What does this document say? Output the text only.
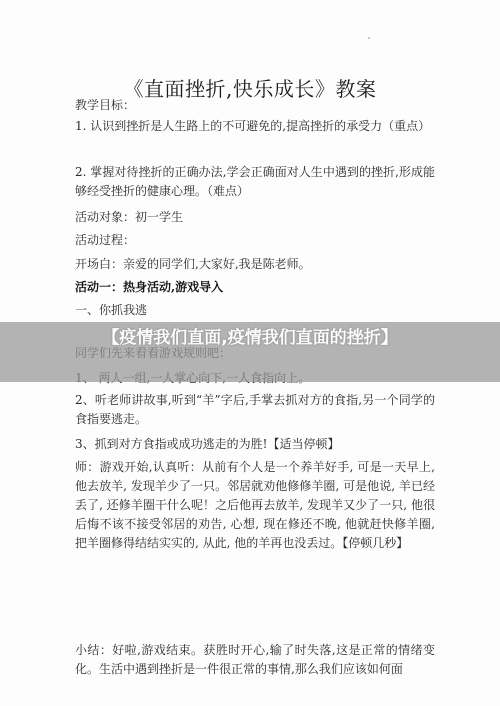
《直面挫折,快乐成长》教案
教学目标：
1. 认识到挫折是人生路上的不可避免的,提高挫折的承受力（重点）
2. 掌握对待挫折的正确办法,学会正确面对人生中遇到的挫折,形成能够经受挫折的健康心理。（难点）
活动对象：初一学生
活动过程：
开场白：亲爱的同学们,大家好,我是陈老师。
活动一：热身活动,游戏导入
一、你抓我逃
2、听老师讲故事,听到“羊”字后,手掌去抓对方的食指,另一个同学的食指要逃走。
3、抓到对方食指或成功逃走的为胜!【适当停顿】
师：游戏开始,认真听：从前有个人是一个养羊好手, 可是一天早上, 他去放羊, 发现羊少了一只。邻居就劝他修修羊圈, 可是他说, 羊已经丢了, 还修羊圈干什么呢！之后他再去放羊, 发现羊又少了一只, 他很后悔不该不接受邻居的劝告, 心想, 现在修还不晚, 他就赶快修羊圈, 把羊圈修得结结实实的, 从此, 他的羊再也没丢过。【停顿几秒】
小结：好啦,游戏结束。获胜时开心,输了时失落,这是正常的情绪变化。生活中遇到挫折是一件很正常的事情,那么我们应该如何面
【疫情我们直面,疫情我们直面的挫折】
